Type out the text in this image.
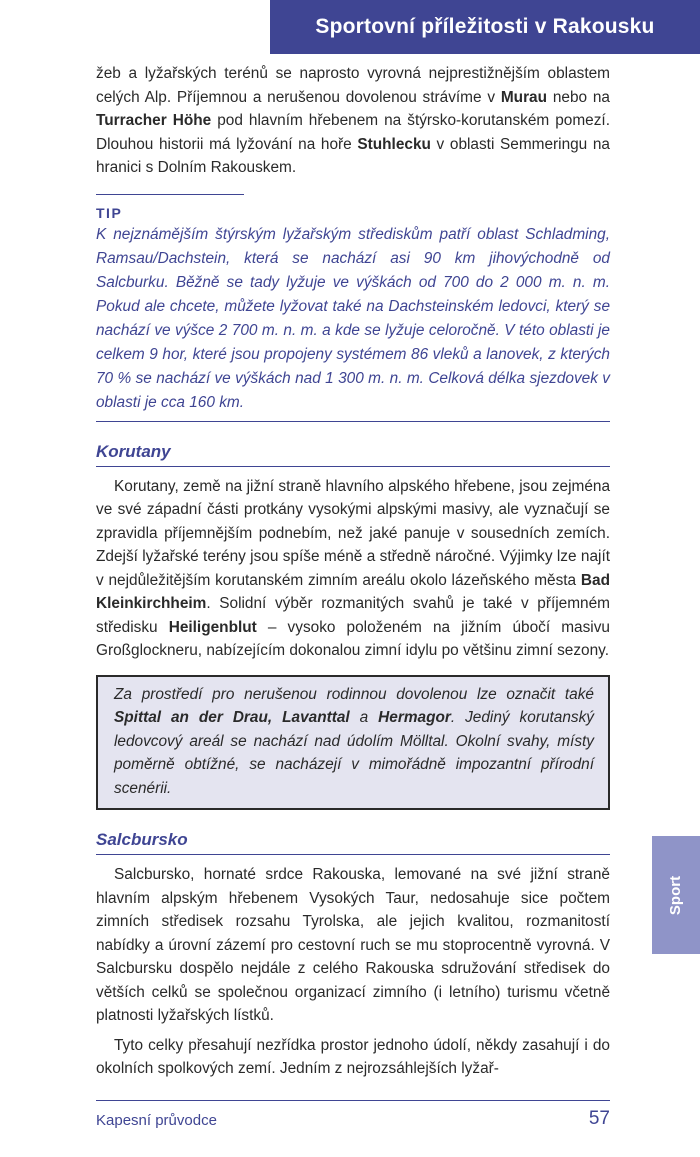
Sportovní příležitosti v Rakousku

žeb a lyžařských terénů se naprosto vyrovná nejprestižnějším oblastem celých Alp. Příjemnou a nerušenou dovolenou strávíme v Murau nebo na Turracher Höhe pod hlavním hřebenem na štýrsko-korutanském pomezí. Dlouhou historii má lyžování na hoře Stuhlecku v oblasti Semmeringu na hranici s Dolním Rakouskem.

TIP

K nejznámějším štýrským lyžařským střediskům patří oblast Schladming, Ramsau/Dachstein, která se nachází asi 90 km jihovýchodně od Salcburku. Běžně se tady lyžuje ve výškách od 700 do 2 000 m. n. m. Pokud ale chcete, můžete lyžovat také na Dachsteinském ledovci, který se nachází ve výšce 2 700 m. n. m. a kde se lyžuje celoročně. V této oblasti je celkem 9 hor, které jsou propojeny systémem 86 vleků a lanovek, z kterých 70 % se nachází ve výškách nad 1 300 m. n. m. Celková délka sjezdovek v oblasti je cca 160 km.

Korutany

Korutany, země na jižní straně hlavního alpského hřebene, jsou zejména ve své západní části protkány vysokými alpskými masivy, ale vyznačují se zpravidla příjemnějším podnebím, než jaké panuje v sousedních zemích. Zdejší lyžařské terény jsou spíše méně a středně náročné. Výjimky lze najít v nejdůležitějším korutanském zimním areálu okolo lázeňského města Bad Kleinkirchheim. Solidní výběr rozmanitých svahů je také v příjemném středisku Heiligenblut – vysoko položeném na jižním úbočí masivu Großglockneru, nabízejícím dokonalou zimní idylu po většinu zimní sezony.

Za prostředí pro nerušenou rodinnou dovolenou lze označit také Spittal an der Drau, Lavanttal a Hermagor. Jediný korutanský ledovcový areál se nachází nad údolím Mölltal. Okolní svahy, místy poměrně obtížné, se nacházejí v mimořádně impozantní přírodní scenérii.
Salcbursko

Salcbursko, hornaté srdce Rakouska, lemované na své jižní straně hlavním alpským hřebenem Vysokých Taur, nedosahuje sice počtem zimních středisek rozsahu Tyrolska, ale jejich kvalitou, rozmanitostí nabídky a úrovní zázemí pro cestovní ruch se mu stoprocentně vyrovná. V Salcbursku dospělo nejdále z celého Rakouska sdružování středisek do větších celků se společnou organizací zimního (i letního) turismu včetně platnosti lyžařských lístků.

Tyto celky přesahují nezřídka prostor jednoho údolí, někdy zasahují i do okolních spolkových zemí. Jedním z nejrozsáhlejších lyžař-

Sport
Kapesní průvodce	57
